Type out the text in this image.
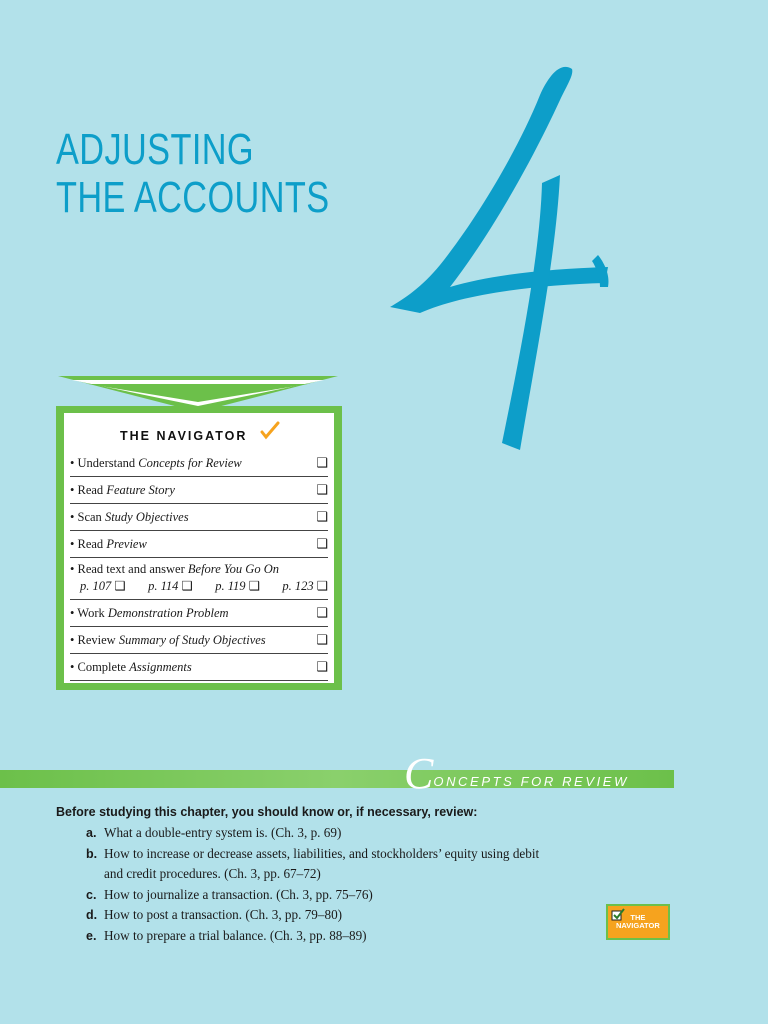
ADJUSTING
THE ACCOUNTS
THE NAVIGATOR
• Understand Concepts for Review	❑
• Read Feature Story	❑
• Scan Study Objectives	❑
• Read Preview	❑
• Read text and answer Before You Go On
p. 107 ❑ p. 114 ❑ p. 119 ❑ p. 123 ❑
• Work Demonstration Problem	❑
• Review Summary of Study Objectives	❑
• Complete Assignments	❑
CONCEPTS FOR REVIEW
Before studying this chapter, you should know or, if necessary, review:
a. What a double-entry system is. (Ch. 3, p. 69)
b. How to increase or decrease assets, liabilities, and stockholders’ equity using debit and credit procedures. (Ch. 3, pp. 67–72)
c. How to journalize a transaction. (Ch. 3, pp. 75–76)
d. How to post a transaction. (Ch. 3, pp. 79–80)
e. How to prepare a trial balance. (Ch. 3, pp. 88–89)
THE
NAVIGATOR
